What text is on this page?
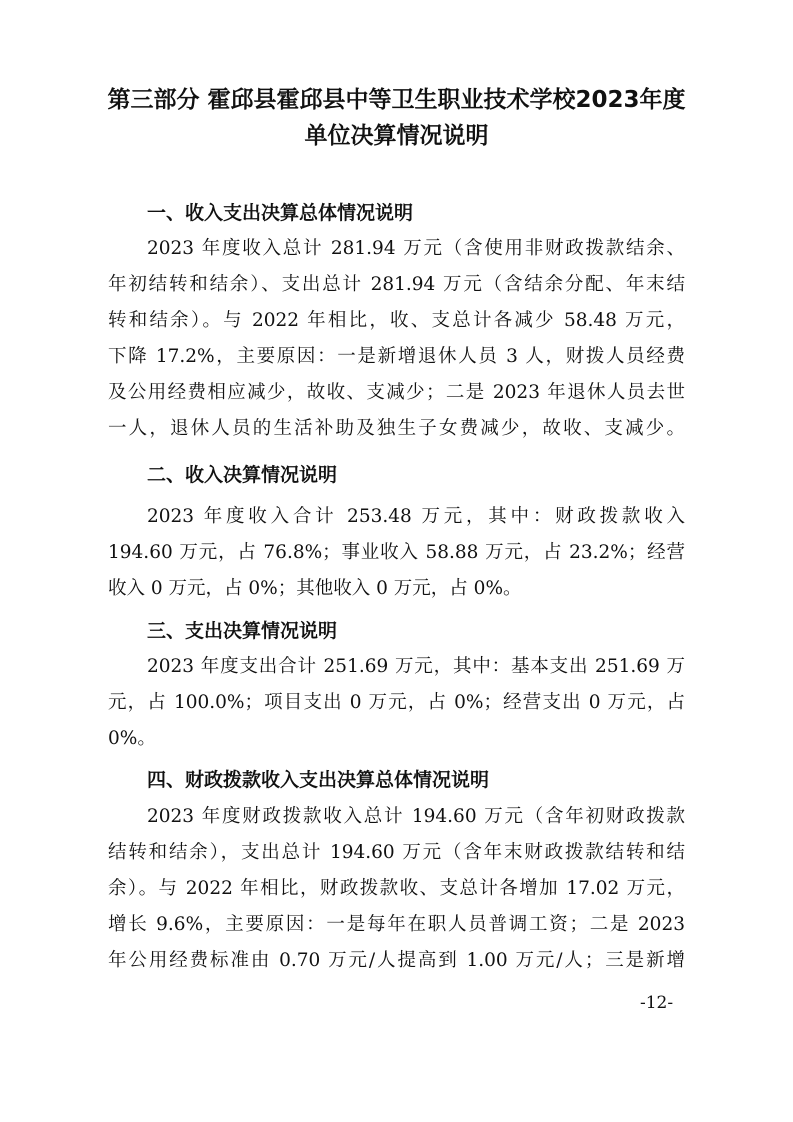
第三部分 霍邱县霍邱县中等卫生职业技术学校2023年度
单位决算情况说明
一、收入支出决算总体情况说明
2023 年度收入总计 281.94 万元（含使用非财政拨款结余、
年初结转和结余）、支出总计 281.94 万元（含结余分配、年末结
转和结余）。与 2022 年相比，收、支总计各减少 58.48 万元，
下降 17.2%，主要原因：一是新增退休人员 3 人，财拨人员经费
及公用经费相应减少，故收、支减少；二是 2023 年退休人员去世
一人，退休人员的生活补助及独生子女费减少，故收、支减少。
二、收入决算情况说明
2023 年度收入合计 253.48 万元，其中：财政拨款收入
194.60 万元，占 76.8%；事业收入 58.88 万元，占 23.2%；经营
收入 0 万元，占 0%；其他收入 0 万元，占 0%。
三、支出决算情况说明
2023 年度支出合计 251.69 万元，其中：基本支出 251.69 万
元，占 100.0%；项目支出 0 万元，占 0%；经营支出 0 万元，占
0%。
四、财政拨款收入支出决算总体情况说明
2023 年度财政拨款收入总计 194.60 万元（含年初财政拨款
结转和结余），支出总计 194.60 万元（含年末财政拨款结转和结
余）。与 2022 年相比，财政拨款收、支总计各增加 17.02 万元，
增长 9.6%，主要原因：一是每年在职人员普调工资；二是 2023
年公用经费标准由 0.70 万元/人提高到 1.00 万元/人；三是新增
-12-
